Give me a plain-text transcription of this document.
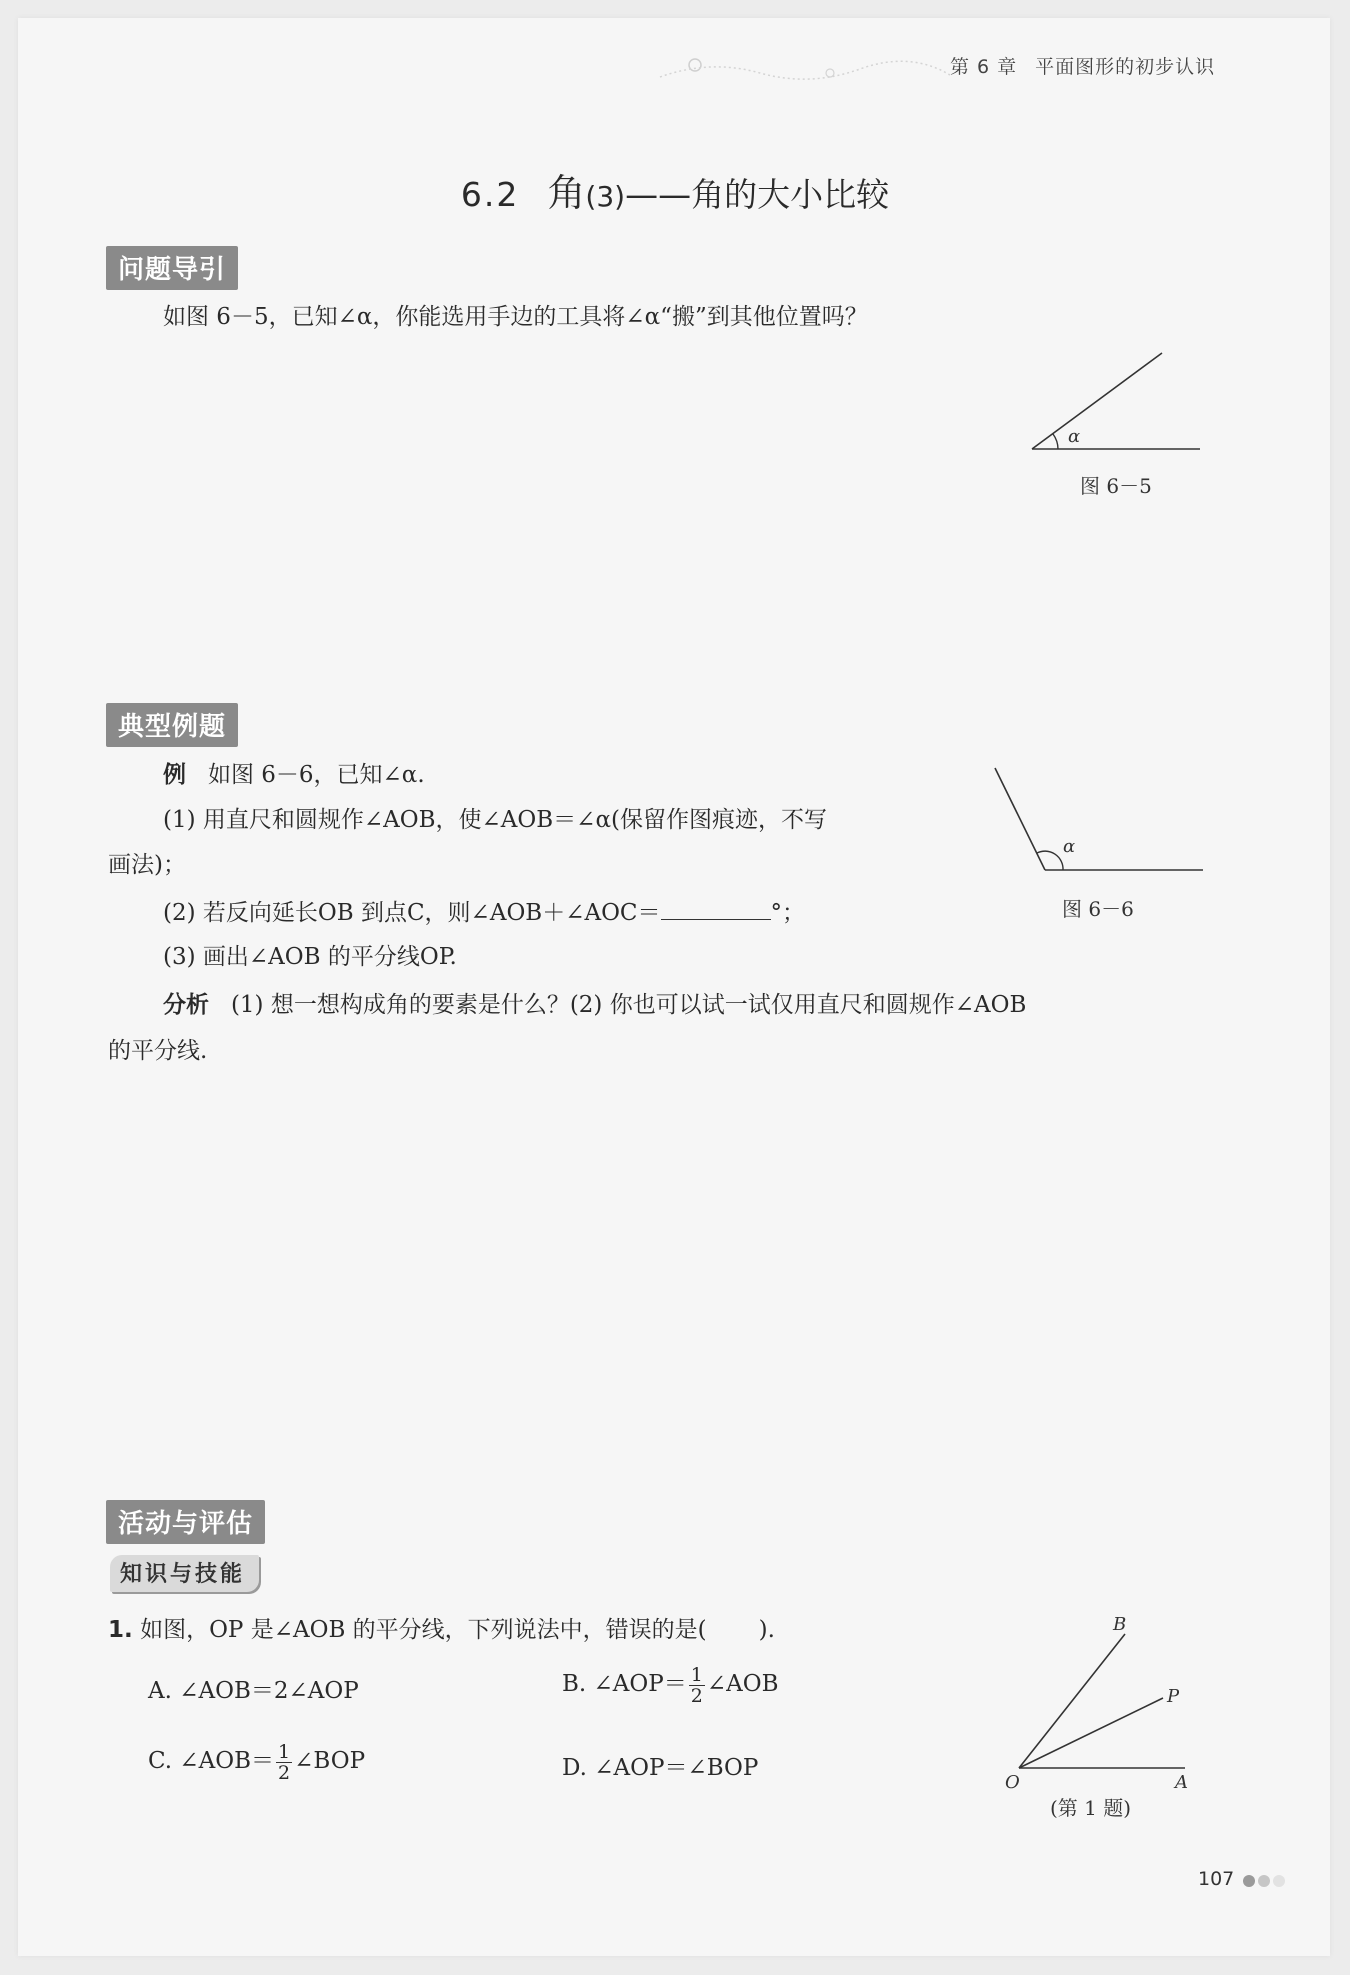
第 6 章 平面图形的初步认识
6.2 角(3)——角的大小比较
问题导引
如图 6－5，已知∠α，你能选用手边的工具将∠α“搬”到其他位置吗？
α
图 6－5
典型例题
例 如图 6－6，已知∠α.
(1) 用直尺和圆规作∠AOB，使∠AOB＝∠α(保留作图痕迹，不写
画法)；
(2) 若反向延长OB 到点C，则∠AOB＋∠AOC＝	°；
(3) 画出∠AOB 的平分线OP.
分析 (1) 想一想构成角的要素是什么？(2) 你也可以试一试仅用直尺和圆规作∠AOB
的平分线.
α
图 6－6
活动与评估
知识与技能
1. 如图，OP 是∠AOB 的平分线，下列说法中，错误的是( ).
A. ∠AOB＝2∠AOP	B. ∠AOP＝ $\frac{1}{2}$ ∠AOB
C. ∠AOB＝ $\frac{1}{2}$ ∠BOP	D. ∠AOP＝∠BOP
B
P
O	A
(第 1 题)
107
